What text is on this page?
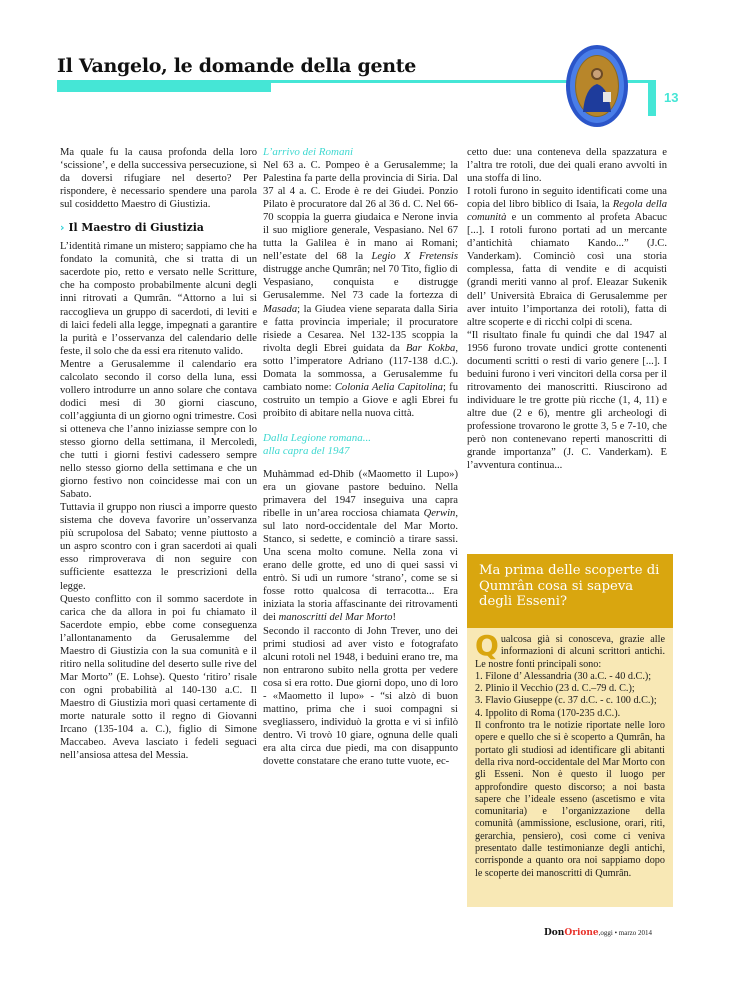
Il Vangelo, le domande della gente
13

Ma quale fu la causa profonda della loro ‘scissione’, e della successiva persecuzione, sì da doversi rifugiare nel deserto? Per rispondere, è necessario spendere una parola sul cosiddetto Maestro di Giustizia.

› Il Maestro di Giustizia

L’identità rimane un mistero; sappiamo che ha fondato la comunità, che si tratta di un sacerdote pio, retto e versato nelle Scritture, che ha composto probabilmente alcuni degli inni ritrovati a Qumrân. “Attorno a lui si raccoglieva un gruppo di sacerdoti, di leviti e di laici fedeli alla legge, impegnati a garantire la purità e l’osservanza del calendario delle feste, il solo che da essi era ritenuto valido.

Mentre a Gerusalemme il calendario era calcolato secondo il corso della luna, essi vollero introdurre un anno solare che contava dodici mesi di 30 giorni ciascuno, coll’aggiunta di un giorno ogni trimestre. Così si otteneva che l’anno iniziasse sempre con lo stesso giorno della settimana, il Mercoledì, che tutti i giorni festivi cadessero sempre nello stesso giorno della settimana e che un giorno festivo non coincidesse mai con un Sabato.

Tuttavia il gruppo non riuscì a imporre questo sistema che doveva favorire un’osservanza più scrupolosa del Sabato; venne piuttosto a un aspro scontro con i gran sacerdoti ai quali esso rimproverava di non seguire con sufficiente esattezza le prescrizioni della legge.

Questo conflitto con il sommo sacerdote in carica che da allora in poi fu chiamato il Sacerdote empio, ebbe come conseguenza l’allontanamento da Gerusalemme del Maestro di Giustizia con la sua comunità e il ritiro nella solitudine del deserto sulle rive del Mar Morto” (E. Lohse). Questo ‘ritiro’ risale con ogni probabilità al 140-130 a.C. Il Maestro di Giustizia morì quasi certamente di morte naturale sotto il regno di Giovanni Ircano (135-104 a. C.), figlio di Simone Maccabeo. Aveva lasciato i fedeli seguaci nell’ansiosa attesa del Messia.

L’arrivo dei Romani

Nel 63 a. C. Pompeo è a Gerusalemme; la Palestina fa parte della provincia di Siria. Dal 37 al 4 a. C. Erode è re dei Giudei. Ponzio Pilato è procuratore dal 26 al 36 d. C. Nel 66-70 scoppia la guerra giudaica e Nerone invia il suo migliore generale, Vespasiano. Nel 67 tutta la Galilea è in mano ai Romani; nell’estate del 68 la Legio X Fretensis distrugge anche Qumrân; nel 70 Tito, figlio di Vespasiano, conquista e distrugge Gerusalemme. Nel 73 cade la fortezza di Masada; la Giudea viene separata dalla Siria e fatta provincia imperiale; il procuratore risiede a Cesarea. Nel 132-135 scoppia la rivolta degli Ebrei guidata da Bar Kokba, sotto l’imperatore Adriano (117-138 d.C.). Domata la sommossa, a Gerusalemme fu cambiato nome: Colonia Aelia Capitolina; fu costruito un tempio a Giove e agli Ebrei fu proibito di abitare nella nuova città.

Dalla Legione romana...
alla capra del 1947

Muhàmmad ed-Dhib («Maometto il Lupo») era un giovane pastore beduino. Nella primavera del 1947 inseguiva una capra ribelle in un’area rocciosa chiamata Qerwin, sul lato nord-occidentale del Mar Morto. Stanco, si sedette, e cominciò a tirare sassi. Una scena molto comune. Nella zona vi erano delle grotte, ed uno di quei sassi vi entrò. Si udì un rumore ‘strano’, come se si fosse rotto qualcosa di terracotta... Era iniziata la storia affascinante dei ritrovamenti dei manoscritti del Mar Morto!

Secondo il racconto di John Trever, uno dei primi studiosi ad aver visto e fotografato alcuni rotoli nel 1948, i beduini erano tre, ma non entrarono subito nella grotta per vedere cosa si era rotto. Due giorni dopo, uno di loro - «Maometto il lupo» - “si alzò di buon mattino, prima che i suoi compagni si svegliassero, individuò la grotta e vi si infilò dentro. Vi trovò 10 giare, ognuna delle quali era alta circa due piedi, ma con disappunto dovette constatare che erano tutte vuote, ec-

cetto due: una conteneva della spazzatura e l’altra tre rotoli, due dei quali erano avvolti in una stoffa di lino.

I rotoli furono in seguito identificati come una copia del libro biblico di Isaia, la Regola della comunità e un commento al profeta Abacuc [...]. I rotoli furono portati ad un mercante d’antichità chiamato Kando...” (J.C. Vanderkam). Cominciò così una storia complessa, fatta di vendite e di acquisti (grandi meriti vanno al prof. Eleazar Sukenik dell’ Università Ebraica di Gerusalemme per aver intuito l’importanza dei rotoli), fatta di altre scoperte e di ricchi colpi di scena.

“Il risultato finale fu quindi che dal 1947 al 1956 furono trovate undici grotte contenenti documenti scritti o resti di vario genere [...]. I beduini furono i veri vincitori della corsa per il ritrovamento dei manoscritti. Riuscirono ad individuare le tre grotte più ricche (1, 4, 11) e altre due (2 e 6), mentre gli archeologi di professione trovarono le grotte 3, 5 e 7-10, che però non contenevano reperti manoscritti di grande importanza” (J. C. Vanderkam). E l’avventura continua...

Ma prima delle scoperte di Qumrân cosa si sapeva degli Esseni?

Qualcosa già si conosceva, grazie alle informazioni di alcuni scrittori antichi. Le nostre fonti principali sono:

1. Filone d’ Alessandria (30 a.C. - 40 d.C.);
2. Plinio il Vecchio (23 d. C.–79 d. C.);
3. Flavio Giuseppe (c. 37 d.C. - c. 100 d.C.);
4. Ippolito di Roma (170-235 d.C.).

Il confronto tra le notizie riportate nelle loro opere e quello che si è scoperto a Qumrân, ha portato gli studiosi ad identificare gli abitanti della riva nord-occidentale del Mar Morto con gli Esseni. Non è questo il luogo per approfondire questo discorso; a noi basta sapere che l’ideale esseno (ascetismo e vita comunitaria) e l’organizzazione della comunità (ammissione, esclusione, orari, riti, gerarchia, pensiero), così come ci veniva presentato dalle testimonianze degli antichi, corrisponde a quanto ora noi sappiamo dopo le scoperte dei manoscritti di Qumrân.

DonOrione,oggi • marzo 2014
